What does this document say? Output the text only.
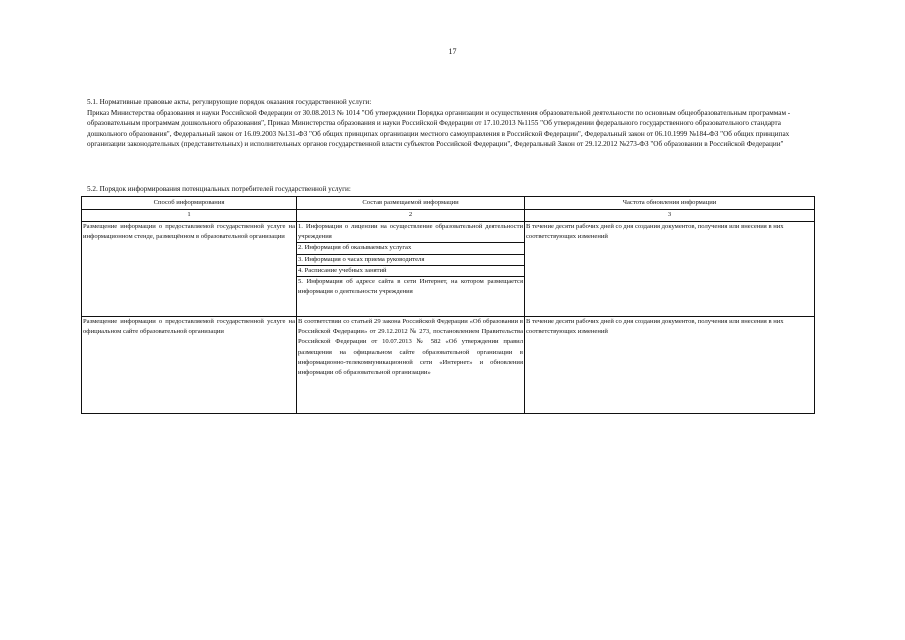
17

5.1. Нормативные правовые акты, регулирующие порядок оказания государственной услуги:

Приказ Министерства образования и науки Российской Федерации от 30.08.2013 № 1014 "Об утверждении Порядка организации и осуществления образовательной деятельности по основным общеобразовательным программам - образовательным программам дошкольного образования", Приказ Министерства образования и науки Российской Федерации от 17.10.2013 №1155 "Об утверждении федерального государственного образовательного стандарта дошкольного образования", Федеральный закон от 16.09.2003 №131-ФЗ "Об общих принципах организации местного самоуправления в Российской Федерации", Федеральный закон от 06.10.1999 №184-ФЗ "Об общих принципах организации законодательных (представительных) и исполнительных органов государственной власти субъектов Российской Федерации", Федеральный Закон от 29.12.2012 №273-ФЗ "Об образовании в Российской Федерации"

5.2. Порядок информирования потенциальных потребителей государственной услуги:
Способ информирования	Состав размещаемой информации	Частота обновления информации
1	2	3
Размещение информации о предоставляемой государственной услуге на информационном стенде, размещённом в образовательной организации	1. Информация о лицензии на осуществление образовательной деятельности учреждения
2. Информация об оказываемых услугах
3. Информация о часах приема руководителя
4. Расписание учебных занятий
5. Информация об адресе сайта в сети Интернет, на котором размещается информация о деятельности учреждения	В течение десяти рабочих дней со дня создания документов, получения или внесения в них соответствующих изменений
Размещение информации о предоставляемой государственной услуге на официальном сайте образовательной организации	В соответствии со статьей 29 закона Российской Федерации «Об образовании в Российской Федерации» от 29.12.2012 № 273, постановлением Правительства Российской Федерации от 10.07.2013 № 582 «Об утверждении правил размещения на официальном сайте образовательной организации в информационно-телекоммуникационной сети «Интернет» и обновления информации об образовательной организации»	В течение десяти рабочих дней со дня создания документов, получения или внесения в них соответствующих изменений
